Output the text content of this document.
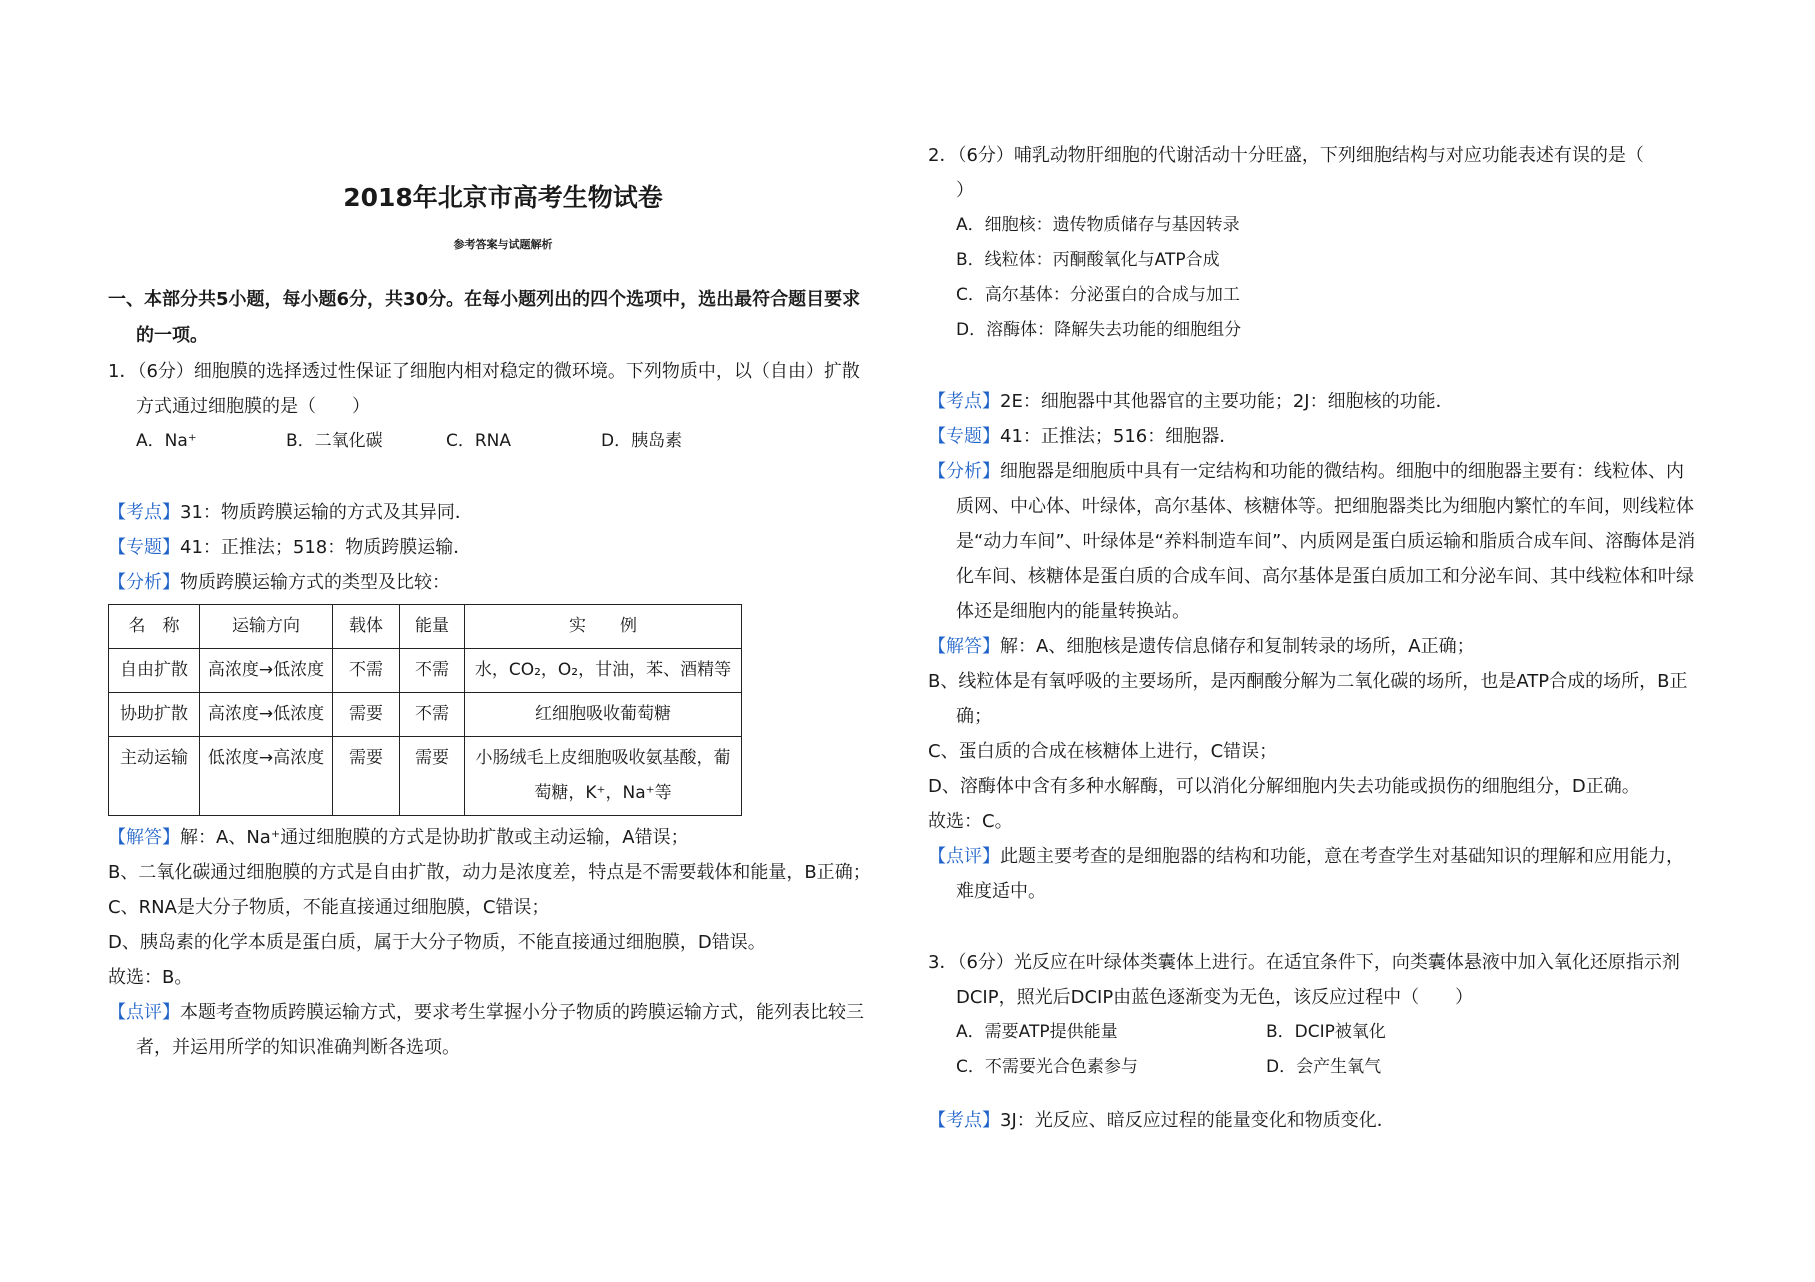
2018年北京市高考生物试卷
参考答案与试题解析
一、本部分共5小题，每小题6分，共30分。在每小题列出的四个选项中，选出最符合题目要求
的一项。
1．（6分）细胞膜的选择透过性保证了细胞内相对稳定的微环境。下列物质中，以（自由）扩散
方式通过细胞膜的是（　　）
A．Na⁺	B．二氧化碳	C．RNA	D．胰岛素
【考点】31：物质跨膜运输的方式及其异同．
【专题】41：正推法；518：物质跨膜运输．
【分析】物质跨膜运输方式的类型及比较：
名　称	运输方向	载体	能量	实　　例
自由扩散	高浓度→低浓度	不需	不需	水，CO₂，O₂，甘油，苯、酒精等
协助扩散	高浓度→低浓度	需要	不需	红细胞吸收葡萄糖
主动运输	低浓度→高浓度	需要	需要	小肠绒毛上皮细胞吸收氨基酸，葡萄糖，K⁺，Na⁺等
【解答】解：A、Na⁺通过细胞膜的方式是协助扩散或主动运输，A错误；
B、二氧化碳通过细胞膜的方式是自由扩散，动力是浓度差，特点是不需要载体和能量，B正确；
C、RNA是大分子物质，不能直接通过细胞膜，C错误；
D、胰岛素的化学本质是蛋白质，属于大分子物质，不能直接通过细胞膜，D错误。
故选：B。
【点评】本题考查物质跨膜运输方式，要求考生掌握小分子物质的跨膜运输方式，能列表比较三
者，并运用所学的知识准确判断各选项。
2．（6分）哺乳动物肝细胞的代谢活动十分旺盛，下列细胞结构与对应功能表述有误的是（
）
A．细胞核：遗传物质储存与基因转录 B．线粒体：丙酮酸氧化与ATP合成 C．高尔基体：分泌蛋白的合成与加工 D．溶酶体：降解失去功能的细胞组分
【考点】2E：细胞器中其他器官的主要功能；2J：细胞核的功能．
【专题】41：正推法；516：细胞器．
【分析】细胞器是细胞质中具有一定结构和功能的微结构。细胞中的细胞器主要有：线粒体、内
质网、中心体、叶绿体，高尔基体、核糖体等。把细胞器类比为细胞内繁忙的车间，则线粒体
是“动力车间”、叶绿体是“养料制造车间”、内质网是蛋白质运输和脂质合成车间、溶酶体是消
化车间、核糖体是蛋白质的合成车间、高尔基体是蛋白质加工和分泌车间、其中线粒体和叶绿
体还是细胞内的能量转换站。
【解答】解：A、细胞核是遗传信息储存和复制转录的场所，A正确；
B、线粒体是有氧呼吸的主要场所，是丙酮酸分解为二氧化碳的场所，也是ATP合成的场所，B正
确；
C、蛋白质的合成在核糖体上进行，C错误；
D、溶酶体中含有多种水解酶，可以消化分解细胞内失去功能或损伤的细胞组分，D正确。
故选：C。
【点评】此题主要考查的是细胞器的结构和功能，意在考查学生对基础知识的理解和应用能力，
难度适中。
3．（6分）光反应在叶绿体类囊体上进行。在适宜条件下，向类囊体悬液中加入氧化还原指示剂
DCIP，照光后DCIP由蓝色逐渐变为无色，该反应过程中（　　）
A．需要ATP提供能量	B．DCIP被氧化 C．不需要光合色素参与	D．会产生氧气
【考点】3J：光反应、暗反应过程的能量变化和物质变化．
